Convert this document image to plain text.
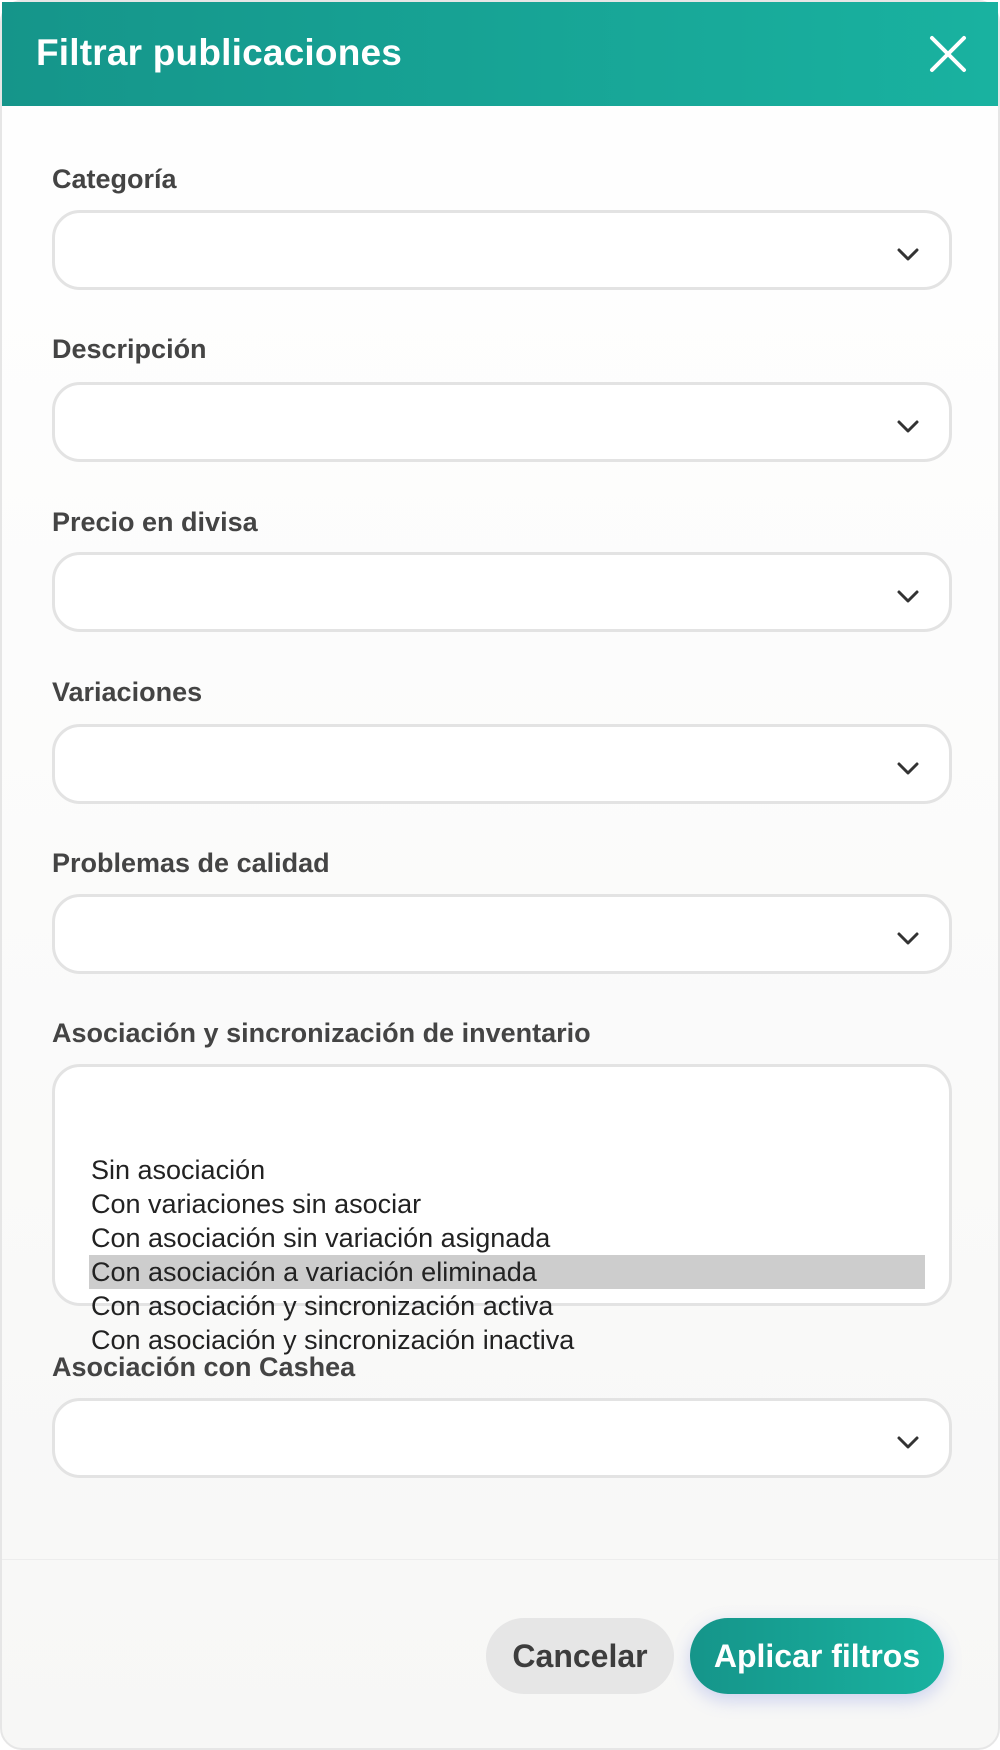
Filtrar publicaciones
Categoría
Descripción
Precio en divisa
Variaciones
Problemas de calidad
Asociación y sincronización de inventario
Sin asociación
Con variaciones sin asociar
Con asociación sin variación asignada
Con asociación a variación eliminada
Con asociación y sincronización activa
Con asociación y sincronización inactiva
Asociación con Cashea
Cancelar	Aplicar filtros
